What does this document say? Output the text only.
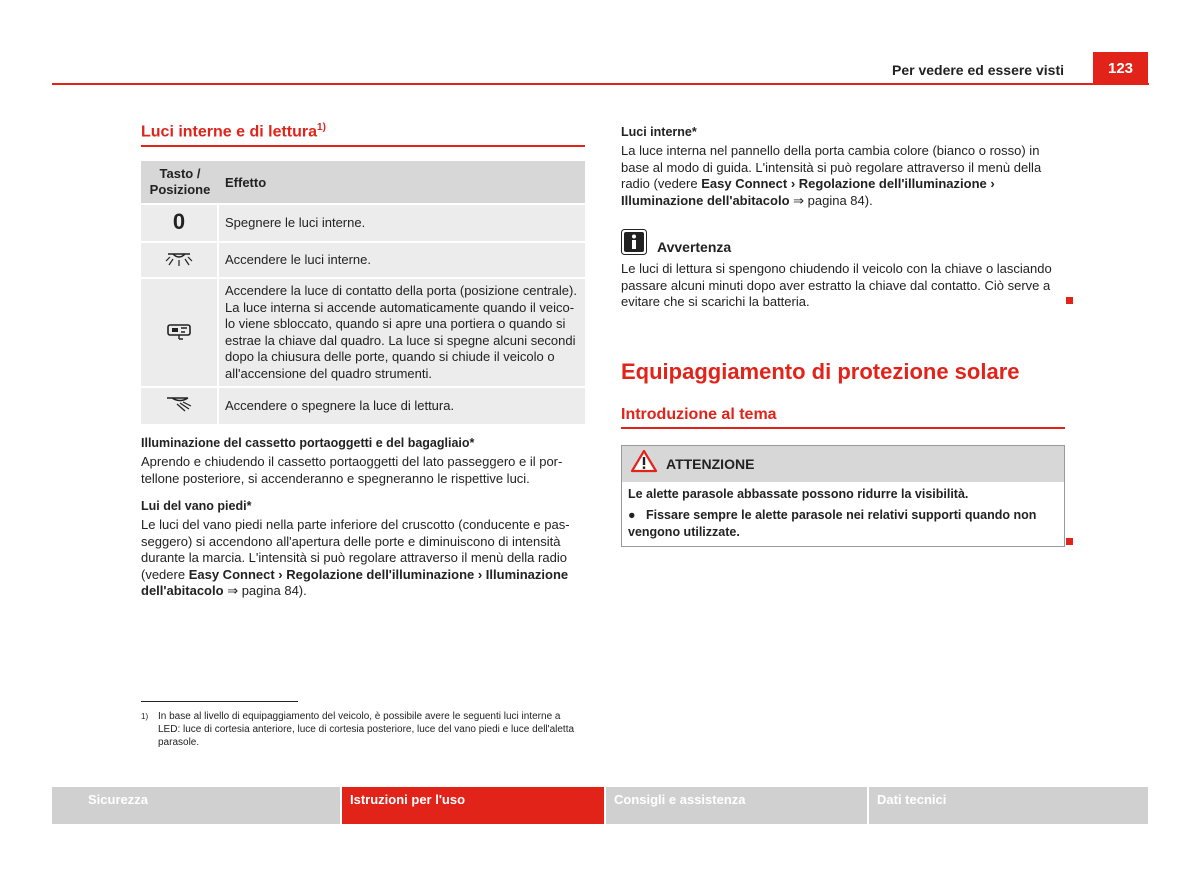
Per vedere ed essere visti	123
Luci interne e di lettura$^{1)}$
Tasto / Posizione	Effetto
0	Spegnere le luci interne.
	Accendere le luci interne.
	Accendere la luce di contatto della porta (posizione centrale). La luce interna si accende automaticamente quando il veicolo viene sbloccato, quando si apre una portiera o quando si estrae la chiave dal quadro. La luce si spegne alcuni secondi dopo la chiusura delle porte, quando si chiude il veicolo o all'accensione del quadro strumenti.
	Accendere o spegnere la luce di lettura.
Illuminazione del cassetto portaoggetti e del bagagliaio*
Aprendo e chiudendo il cassetto portaoggetti del lato passeggero e il portellone posteriore, si accenderanno e spegneranno le rispettive luci.
Lui del vano piedi*
Le luci del vano piedi nella parte inferiore del cruscotto (conducente e passeggero) si accendono all'apertura delle porte e diminuiscono di intensità durante la marcia. L'intensità si può regolare attraverso il menù della radio (vedere Easy Connect › Regolazione dell'illuminazione › Illuminazione dell'abitacolo ⇒ pagina 84).
1) In base al livello di equipaggiamento del veicolo, è possibile avere le seguenti luci interne a LED: luce di cortesia anteriore, luce di cortesia posteriore, luce del vano piedi e luce dell'aletta parasole.
Luci interne*
La luce interna nel pannello della porta cambia colore (bianco o rosso) in base al modo di guida. L'intensità si può regolare attraverso il menù della radio (vedere Easy Connect › Regolazione dell'illuminazione › Illuminazione dell'abitacolo ⇒ pagina 84).
Avvertenza
Le luci di lettura si spengono chiudendo il veicolo con la chiave o lasciando passare alcuni minuti dopo aver estratto la chiave dal contatto. Ciò serve a evitare che si scarichi la batteria.
Equipaggiamento di protezione solare
Introduzione al tema
ATTENZIONE
Le alette parasole abbassate possono ridurre la visibilità.
● Fissare sempre le alette parasole nei relativi supporti quando non vengono utilizzate.
Sicurezza	Istruzioni per l'uso	Consigli e assistenza	Dati tecnici
